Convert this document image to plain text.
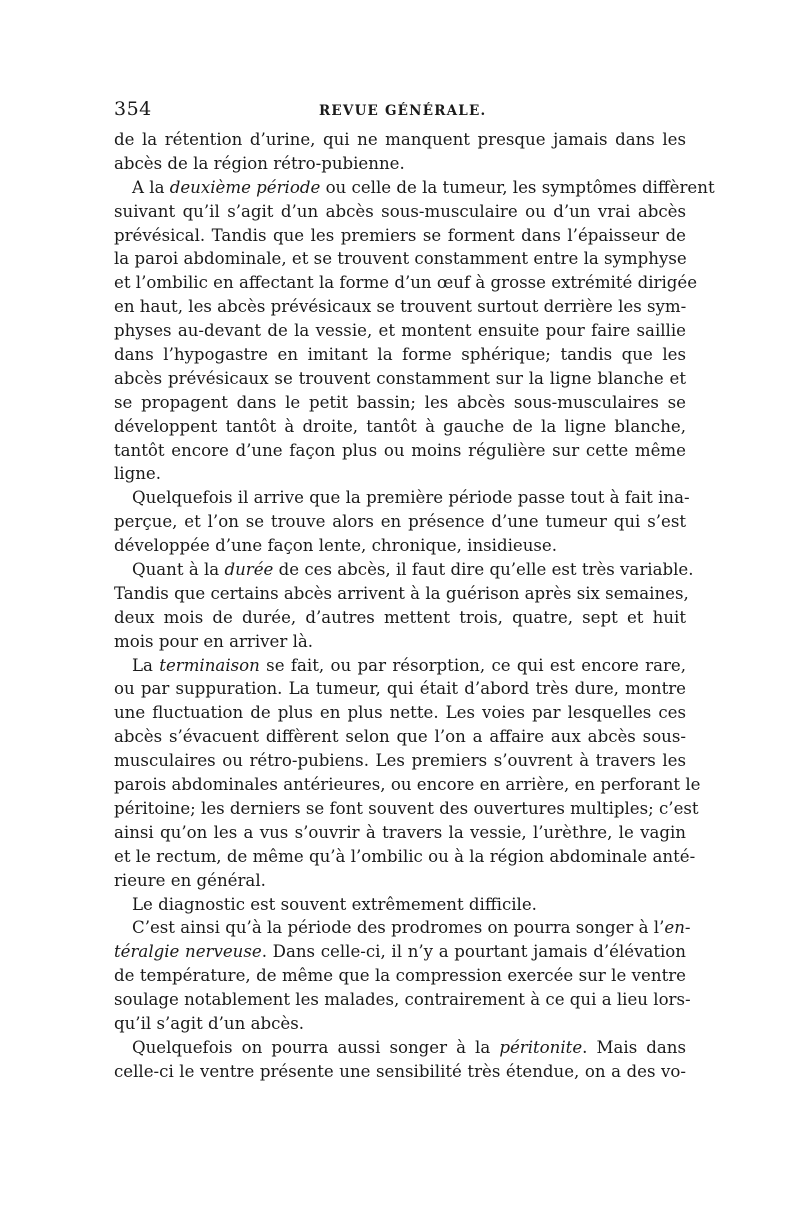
354	REVUE GÉNÉRALE.
de la rétention d’urine, qui ne manquent presque jamais dans les
abcès de la région rétro-pubienne.
A la deuxième période ou celle de la tumeur, les symptômes diffèrent
suivant qu’il s’agit d’un abcès sous-musculaire ou d’un vrai abcès
prévésical. Tandis que les premiers se forment dans l’épaisseur de
la paroi abdominale, et se trouvent constamment entre la symphyse
et l’ombilic en affectant la forme d’un œuf à grosse extrémité dirigée
en haut, les abcès prévésicaux se trouvent surtout derrière les sym-
physes au-devant de la vessie, et montent ensuite pour faire saillie
dans l’hypogastre en imitant la forme sphérique; tandis que les
abcès prévésicaux se trouvent constamment sur la ligne blanche et
se propagent dans le petit bassin; les abcès sous-musculaires se
développent tantôt à droite, tantôt à gauche de la ligne blanche,
tantôt encore d’une façon plus ou moins régulière sur cette même
ligne.
Quelquefois il arrive que la première période passe tout à fait ina-
perçue, et l’on se trouve alors en présence d’une tumeur qui s’est
développée d’une façon lente, chronique, insidieuse.
Quant à la durée de ces abcès, il faut dire qu’elle est très variable.
Tandis que certains abcès arrivent à la guérison après six semaines,
deux mois de durée, d’autres mettent trois, quatre, sept et huit
mois pour en arriver là.
La terminaison se fait, ou par résorption, ce qui est encore rare,
ou par suppuration. La tumeur, qui était d’abord très dure, montre
une fluctuation de plus en plus nette. Les voies par lesquelles ces
abcès s’évacuent diffèrent selon que l’on a affaire aux abcès sous-
musculaires ou rétro-pubiens. Les premiers s’ouvrent à travers les
parois abdominales antérieures, ou encore en arrière, en perforant le
péritoine; les derniers se font souvent des ouvertures multiples; c’est
ainsi qu’on les a vus s’ouvrir à travers la vessie, l’urèthre, le vagin
et le rectum, de même qu’à l’ombilic ou à la région abdominale anté-
rieure en général.
Le diagnostic est souvent extrêmement difficile.
C’est ainsi qu’à la période des prodromes on pourra songer à l’en-
téralgie nerveuse. Dans celle-ci, il n’y a pourtant jamais d’élévation
de température, de même que la compression exercée sur le ventre
soulage notablement les malades, contrairement à ce qui a lieu lors-
qu’il s’agit d’un abcès.
Quelquefois on pourra aussi songer à la péritonite. Mais dans
celle-ci le ventre présente une sensibilité très étendue, on a des vo-
